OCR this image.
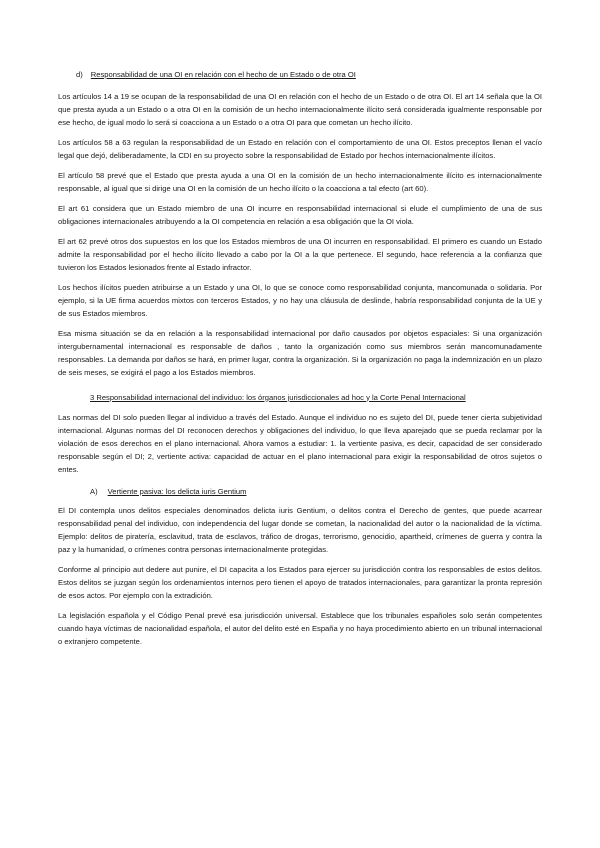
d) Responsabilidad de una OI en relación con el hecho de un Estado o de otra OI

Los artículos 14 a 19 se ocupan de la responsabilidad de una OI en relación con el hecho de un Estado o de otra OI. El art 14 señala que la OI que presta ayuda a un Estado o a otra OI en la comisión de un hecho internacionalmente ilícito será considerada igualmente responsable por ese hecho, de igual modo lo será si coacciona a un Estado o a otra OI para que cometan un hecho ilícito.

Los artículos 58 a 63 regulan la responsabilidad de un Estado en relación con el comportamiento de una OI. Estos preceptos llenan el vacío legal que dejó, deliberadamente, la CDI en su proyecto sobre la responsabilidad de Estado por hechos internacionalmente ilícitos.

El artículo 58 prevé que el Estado que presta ayuda a una OI en la comisión de un hecho internacionalmente ilícito es internacionalmente responsable, al igual que si dirige una OI en la comisión de un hecho ilícito o la coacciona a tal efecto (art 60).

El art 61 considera que un Estado miembro de una OI incurre en responsabilidad internacional si elude el cumplimiento de una de sus obligaciones internacionales atribuyendo a la OI competencia en relación a esa obligación que la OI viola.

El art 62 prevé otros dos supuestos en los que los Estados miembros de una OI incurren en responsabilidad. El primero es cuando un Estado admite la responsabilidad por el hecho ilícito llevado a cabo por la OI a la que pertenece. El segundo, hace referencia a la confianza que tuvieron los Estados lesionados frente al Estado infractor.

Los hechos ilícitos pueden atribuirse a un Estado y una OI, lo que se conoce como responsabilidad conjunta, mancomunada o solidaria. Por ejemplo, si la UE firma acuerdos mixtos con terceros Estados, y no hay una cláusula de deslinde, habría responsabilidad conjunta de la UE y de sus Estados miembros.

Esa misma situación se da en relación a la responsabilidad internacional por daño causados por objetos espaciales: Si una organización intergubernamental internacional es responsable de daños , tanto la organización como sus miembros serán mancomunadamente responsables. La demanda por daños se hará, en primer lugar, contra la organización. Si la organización no paga la indemnización en un plazo de seis meses, se exigirá el pago a los Estados miembros.

3 Responsabilidad internacional del individuo: los órganos jurisdiccionales ad hoc y la Corte Penal Internacional

Las normas del DI solo pueden llegar al individuo a través del Estado. Aunque el individuo no es sujeto del DI, puede tener cierta subjetividad internacional. Algunas normas del DI reconocen derechos y obligaciones del individuo, lo que lleva aparejado que se pueda reclamar por la violación de esos derechos en el plano internacional. Ahora vamos a estudiar: 1. la vertiente pasiva, es decir, capacidad de ser considerado responsable según el DI; 2, vertiente activa: capacidad de actuar en el plano internacional para exigir la responsabilidad de otros sujetos o entes.

A) Vertiente pasiva: los delicta iuris Gentium

El DI contempla unos delitos especiales denominados delicta iuris Gentium, o delitos contra el Derecho de gentes, que puede acarrear responsabilidad penal del individuo, con independencia del lugar donde se cometan, la nacionalidad del autor o la nacionalidad de la víctima. Ejemplo: delitos de piratería, esclavitud, trata de esclavos, tráfico de drogas, terrorismo, genocidio, apartheid, crímenes de guerra y contra la paz y la humanidad, o crímenes contra personas internacionalmente protegidas.

Conforme al principio aut dedere aut punire, el DI capacita a los Estados para ejercer su jurisdicción contra los responsables de estos delitos. Estos delitos se juzgan según los ordenamientos internos pero tienen el apoyo de tratados internacionales, para garantizar la pronta represión de esos actos. Por ejemplo con la extradición.

La legislación española y el Código Penal prevé esa jurisdicción universal. Establece que los tribunales españoles solo serán competentes cuando haya víctimas de nacionalidad española, el autor del delito esté en España y no haya procedimiento abierto en un tribunal internacional o extranjero competente.
